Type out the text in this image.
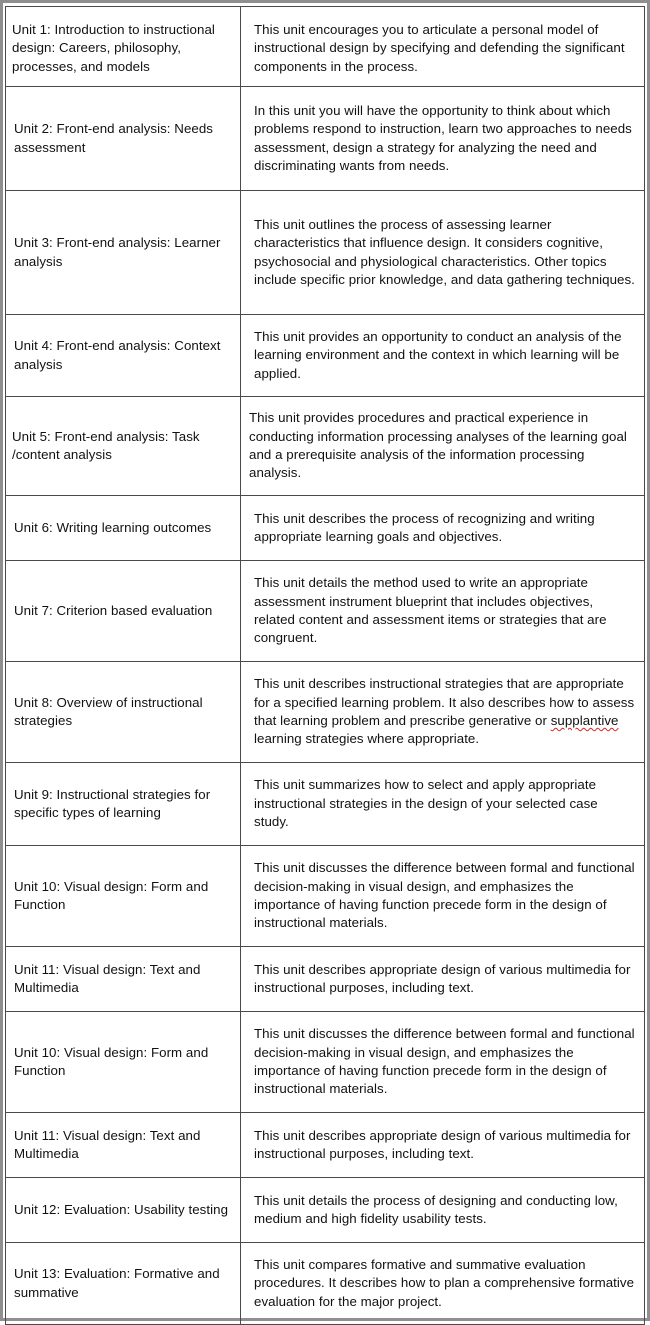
Unit 1: Introduction to instructional design: Careers, philosophy, processes, and models	This unit encourages you to articulate a personal model of instructional design by specifying and defending the significant components in the process.
Unit 2: Front-end analysis: Needs assessment	In this unit you will have the opportunity to think about which problems respond to instruction, learn two approaches to needs assessment, design a strategy for analyzing the need and discriminating wants from needs.
Unit 3: Front-end analysis: Learner analysis	This unit outlines the process of assessing learner characteristics that influence design. It considers cognitive, psychosocial and physiological characteristics. Other topics include specific prior knowledge, and data gathering techniques.
Unit 4: Front-end analysis: Context analysis	This unit provides an opportunity to conduct an analysis of the learning environment and the context in which learning will be applied.
Unit 5: Front-end analysis: Task /content analysis	This unit provides procedures and practical experience in conducting information processing analyses of the learning goal and a prerequisite analysis of the information processing analysis.
Unit 6: Writing learning outcomes	This unit describes the process of recognizing and writing appropriate learning goals and objectives.
Unit 7: Criterion based evaluation	This unit details the method used to write an appropriate assessment instrument blueprint that includes objectives, related content and assessment items or strategies that are congruent.
Unit 8: Overview of instructional strategies	This unit describes instructional strategies that are appropriate for a specified learning problem. It also describes how to assess that learning problem and prescribe generative or supplantive learning strategies where appropriate.
Unit 9: Instructional strategies for specific types of learning	This unit summarizes how to select and apply appropriate instructional strategies in the design of your selected case study.
Unit 10: Visual design: Form and Function	This unit discusses the difference between formal and functional decision-making in visual design, and emphasizes the importance of having function precede form in the design of instructional materials.
Unit 11: Visual design: Text and Multimedia	This unit describes appropriate design of various multimedia for instructional purposes, including text.
Unit 10: Visual design: Form and Function	This unit discusses the difference between formal and functional decision-making in visual design, and emphasizes the importance of having function precede form in the design of instructional materials.
Unit 11: Visual design: Text and Multimedia	This unit describes appropriate design of various multimedia for instructional purposes, including text.
Unit 12: Evaluation: Usability testing	This unit details the process of designing and conducting low, medium and high fidelity usability tests.
Unit 13: Evaluation: Formative and summative	This unit compares formative and summative evaluation procedures. It describes how to plan a comprehensive formative evaluation for the major project.
